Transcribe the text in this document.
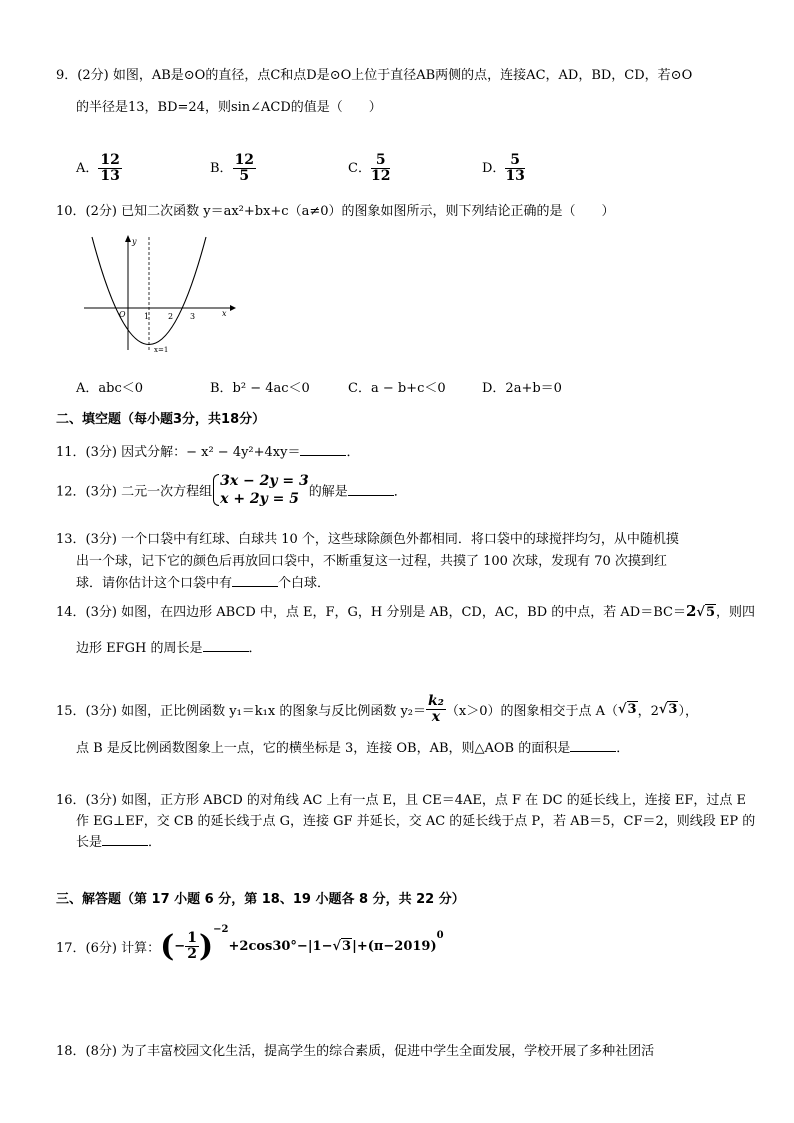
9．(2分) 如图，AB是⊙O的直径，点C和点D是⊙O上位于直径AB两侧的点，连接AC，AD，BD，CD，若⊙O
的半径是13，BD=24，则sin∠ACD的值是（　　）
A． $\frac{12}{13}$	B． $\frac{12}{5}$	C． $\frac{5}{12}$	D． $\frac{5}{13}$
10．(2分) 已知二次函数 y＝ax²+bx+c（a≠0）的图象如图所示，则下列结论正确的是（　　）
y
x
O 1 2 3
x=1
A．abc＜0	B．b² − 4ac＜0	C．a − b+c＜0	D．2a+b＝0
二、填空题（每小题3分，共18分）
11．(3分) 因式分解：− x² − 4y²+4xy＝	．
12．(3分) 二元一次方程组
3x − 2y = 3
x + 2y = 5 的解是	．
13．(3分) 一个口袋中有红球、白球共 10 个，这些球除颜色外都相同．将口袋中的球搅拌均匀，从中随机摸
出一个球，记下它的颜色后再放回口袋中，不断重复这一过程，共摸了 100 次球，发现有 70 次摸到红
球．请你估计这个口袋中有	个白球．
14．(3分) 如图，在四边形 ABCD 中，点 E，F，G，H 分别是 AB，CD，AC，BD 的中点，若 AD＝BC＝2√5，则四
边形 EFGH 的周长是	．
15．(3分) 如图，正比例函数 y₁＝k₁x 的图象与反比例函数 $y_2= \frac{\text{k₂}}{x} (x>0)$的图象相交于点 A（√3，2√3），
点 B 是反比例函数图象上一点，它的横坐标是 3，连接 OB，AB，则△AOB 的面积是	．
16．(3分) 如图，正方形 ABCD 的对角线 AC 上有一点 E，且 CE＝4AE，点 F 在 DC 的延长线上，连接 EF，过点 E
作 EG⊥EF，交 CB 的延长线于点 G，连接 GF 并延长，交 AC 的延长线于点 P，若 AB＝5，CF＝2，则线段 EP 的
长是	．
三、解答题（第 17 小题 6 分，第 18、19 小题各 8 分，共 22 分）
17．(6分) 计算：(− $\frac{1}{2} )^{-2}+2\cos 30^\circ-|1-√3|+(\pi-2019)^0$
18．(8分) 为了丰富校园文化生活，提高学生的综合素质，促进中学生全面发展，学校开展了多种社团活
